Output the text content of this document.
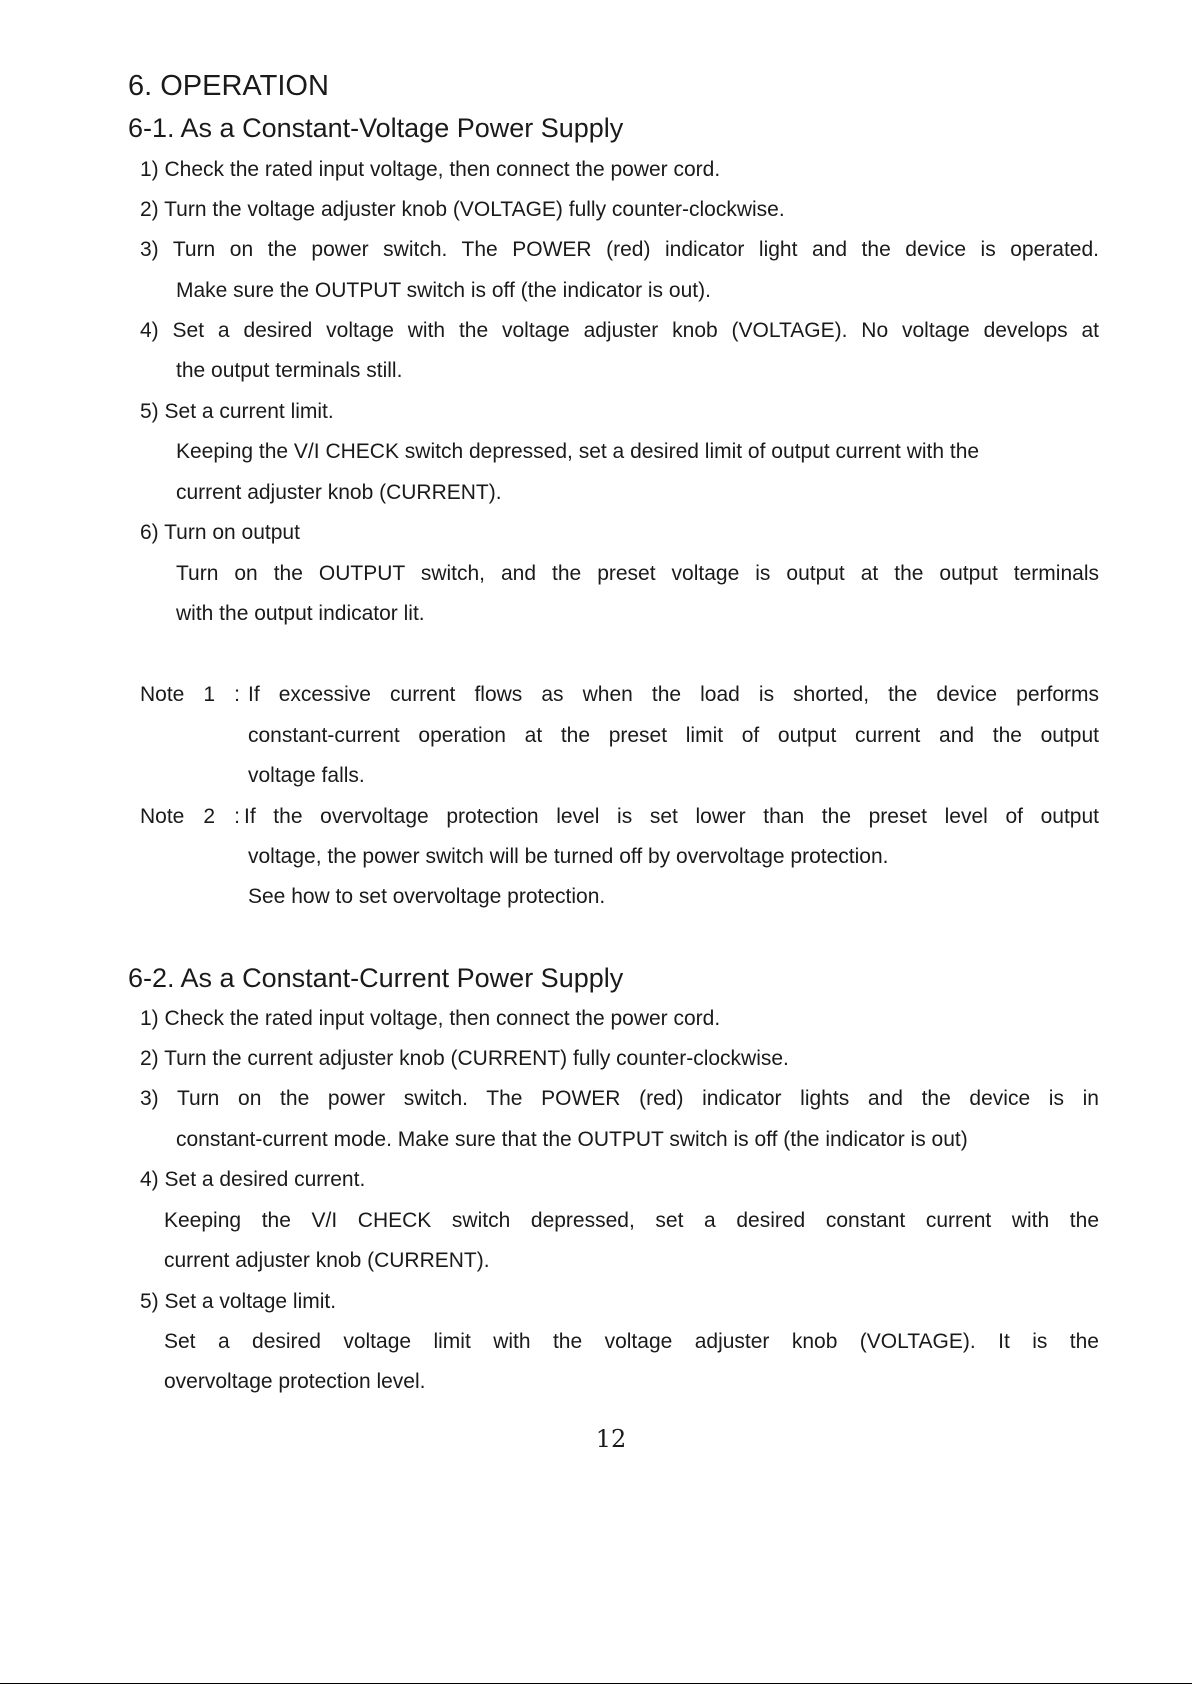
6. OPERATION
6-1. As a Constant-Voltage Power Supply
1) Check the rated input voltage, then connect the power cord.
2) Turn the voltage adjuster knob (VOLTAGE) fully counter-clockwise.
3) Turn on the power switch. The POWER (red) indicator light and the device is operated.
Make sure the OUTPUT switch is off (the indicator is out).
4) Set a desired voltage with the voltage adjuster knob (VOLTAGE). No voltage develops at
the output terminals still.
5) Set a current limit.
Keeping the V/I CHECK switch depressed, set a desired limit of output current with the
current adjuster knob (CURRENT).
6) Turn on output
Turn on the OUTPUT switch, and the preset voltage is output at the output terminals
with the output indicator lit.
Note 1 : If excessive current flows as when the load is shorted, the device performs
constant-current operation at the preset limit of output current and the output
voltage falls.
Note 2 : If the overvoltage protection level is set lower than the preset level of output
voltage, the power switch will be turned off by overvoltage protection.
See how to set overvoltage protection.
6-2. As a Constant-Current Power Supply
1) Check the rated input voltage, then connect the power cord.
2) Turn the current adjuster knob (CURRENT) fully counter-clockwise.
3) Turn on the power switch. The POWER (red) indicator lights and the device is in
constant-current mode. Make sure that the OUTPUT switch is off (the indicator is out)
4) Set a desired current.
Keeping the V/I CHECK switch depressed, set a desired constant current with the
current adjuster knob (CURRENT).
5) Set a voltage limit.
Set a desired voltage limit with the voltage adjuster knob (VOLTAGE). It is the
overvoltage protection level.
12
